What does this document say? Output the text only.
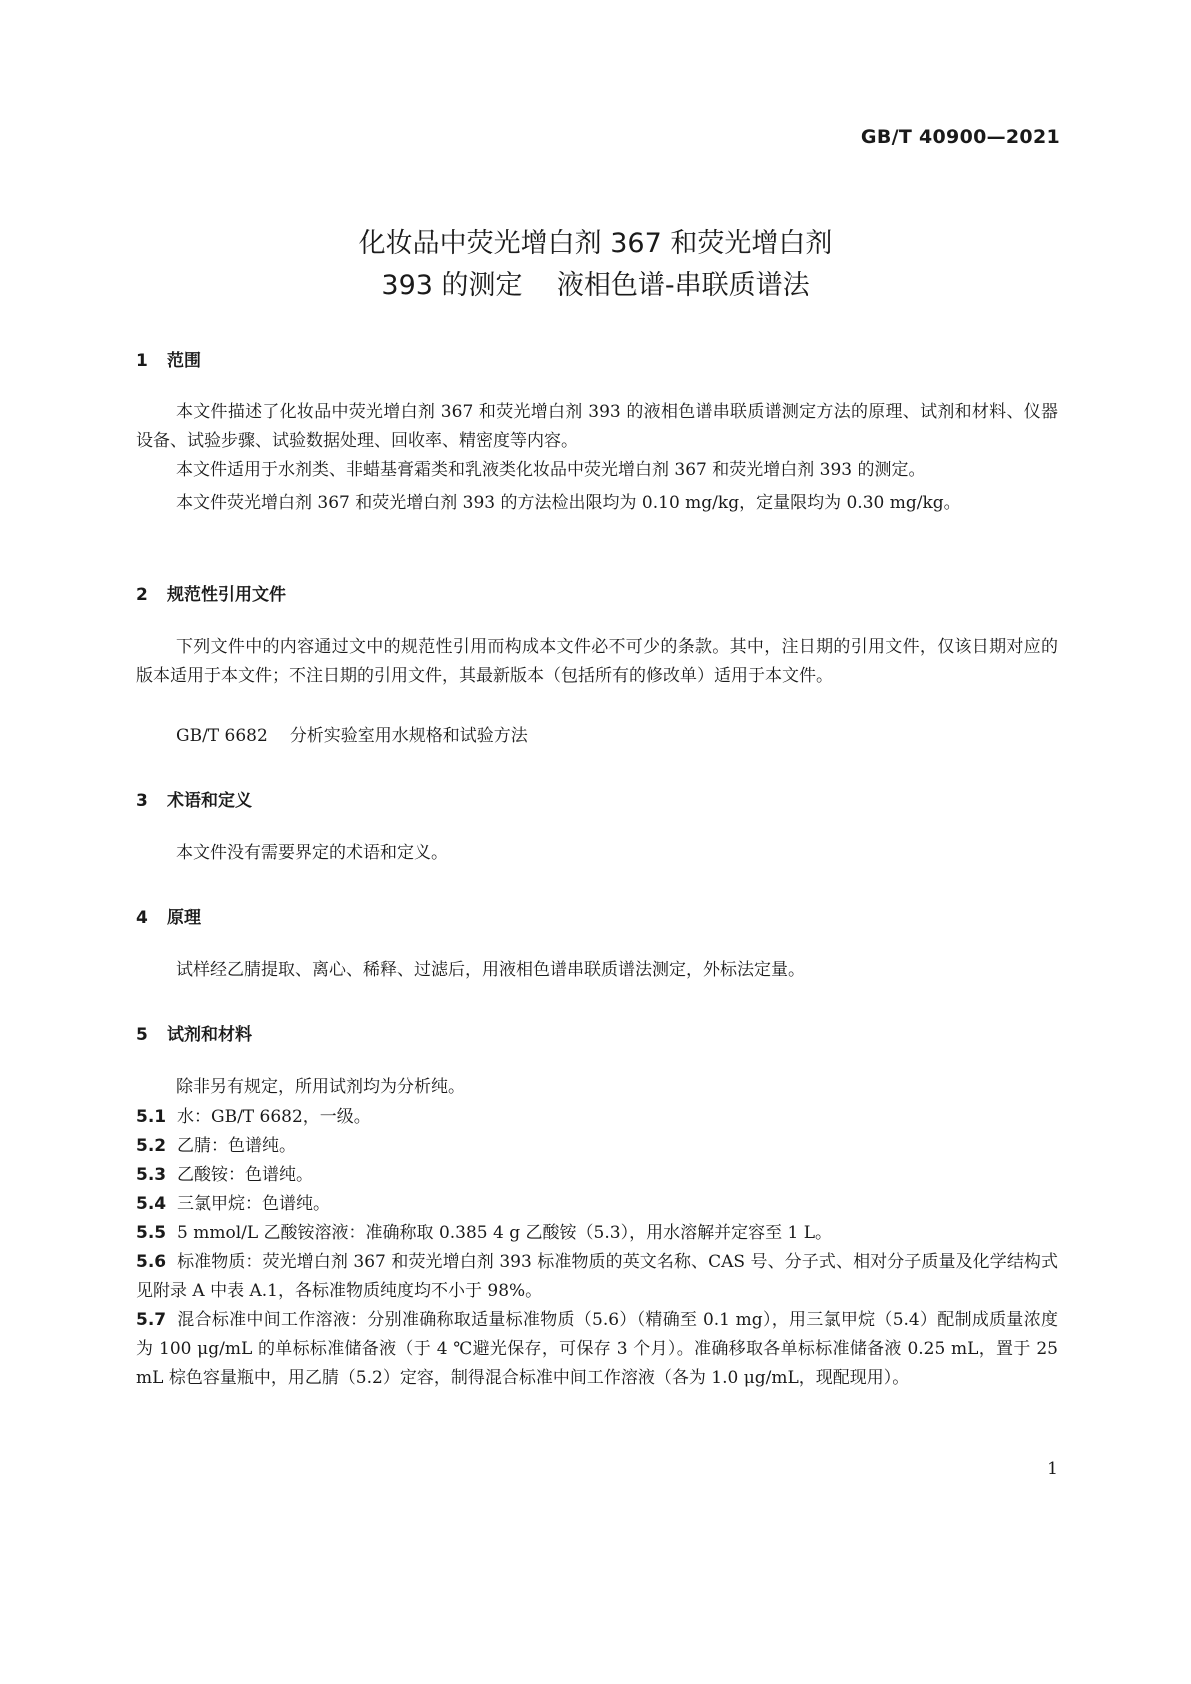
GB/T 40900—2021
化妆品中荧光增白剂 367 和荧光增白剂
393 的测定    液相色谱-串联质谱法
1 范围
本文件描述了化妆品中荧光增白剂 367 和荧光增白剂 393 的液相色谱串联质谱测定方法的原理、试剂和材料、仪器设备、试验步骤、试验数据处理、回收率、精密度等内容。
本文件适用于水剂类、非蜡基膏霜类和乳液类化妆品中荧光增白剂 367 和荧光增白剂 393 的测定。
本文件荧光增白剂 367 和荧光增白剂 393 的方法检出限均为 0.10 mg/kg，定量限均为 0.30 mg/kg。
2 规范性引用文件
下列文件中的内容通过文中的规范性引用而构成本文件必不可少的条款。其中，注日期的引用文件，仅该日期对应的版本适用于本文件；不注日期的引用文件，其最新版本（包括所有的修改单）适用于本文件。
GB/T 6682 分析实验室用水规格和试验方法
3 术语和定义
本文件没有需要界定的术语和定义。
4 原理
试样经乙腈提取、离心、稀释、过滤后，用液相色谱串联质谱法测定，外标法定量。
5 试剂和材料
除非另有规定，所用试剂均为分析纯。
5.1 水：GB/T 6682，一级。
5.2 乙腈：色谱纯。
5.3 乙酸铵：色谱纯。
5.4 三氯甲烷：色谱纯。
5.5 5 mmol/L 乙酸铵溶液：准确称取 0.385 4 g 乙酸铵（5.3），用水溶解并定容至 1 L。
5.6 标准物质：荧光增白剂 367 和荧光增白剂 393 标准物质的英文名称、CAS 号、分子式、相对分子质量及化学结构式见附录 A 中表 A.1，各标准物质纯度均不小于 98%。
5.7 混合标准中间工作溶液：分别准确称取适量标准物质（5.6）（精确至 0.1 mg），用三氯甲烷（5.4）配制成质量浓度为 100 μg/mL 的单标标准储备液（于 4 ℃避光保存，可保存 3 个月）。准确移取各单标标准储备液 0.25 mL，置于 25 mL 棕色容量瓶中，用乙腈（5.2）定容，制得混合标准中间工作溶液（各为 1.0 μg/mL，现配现用）。
1
